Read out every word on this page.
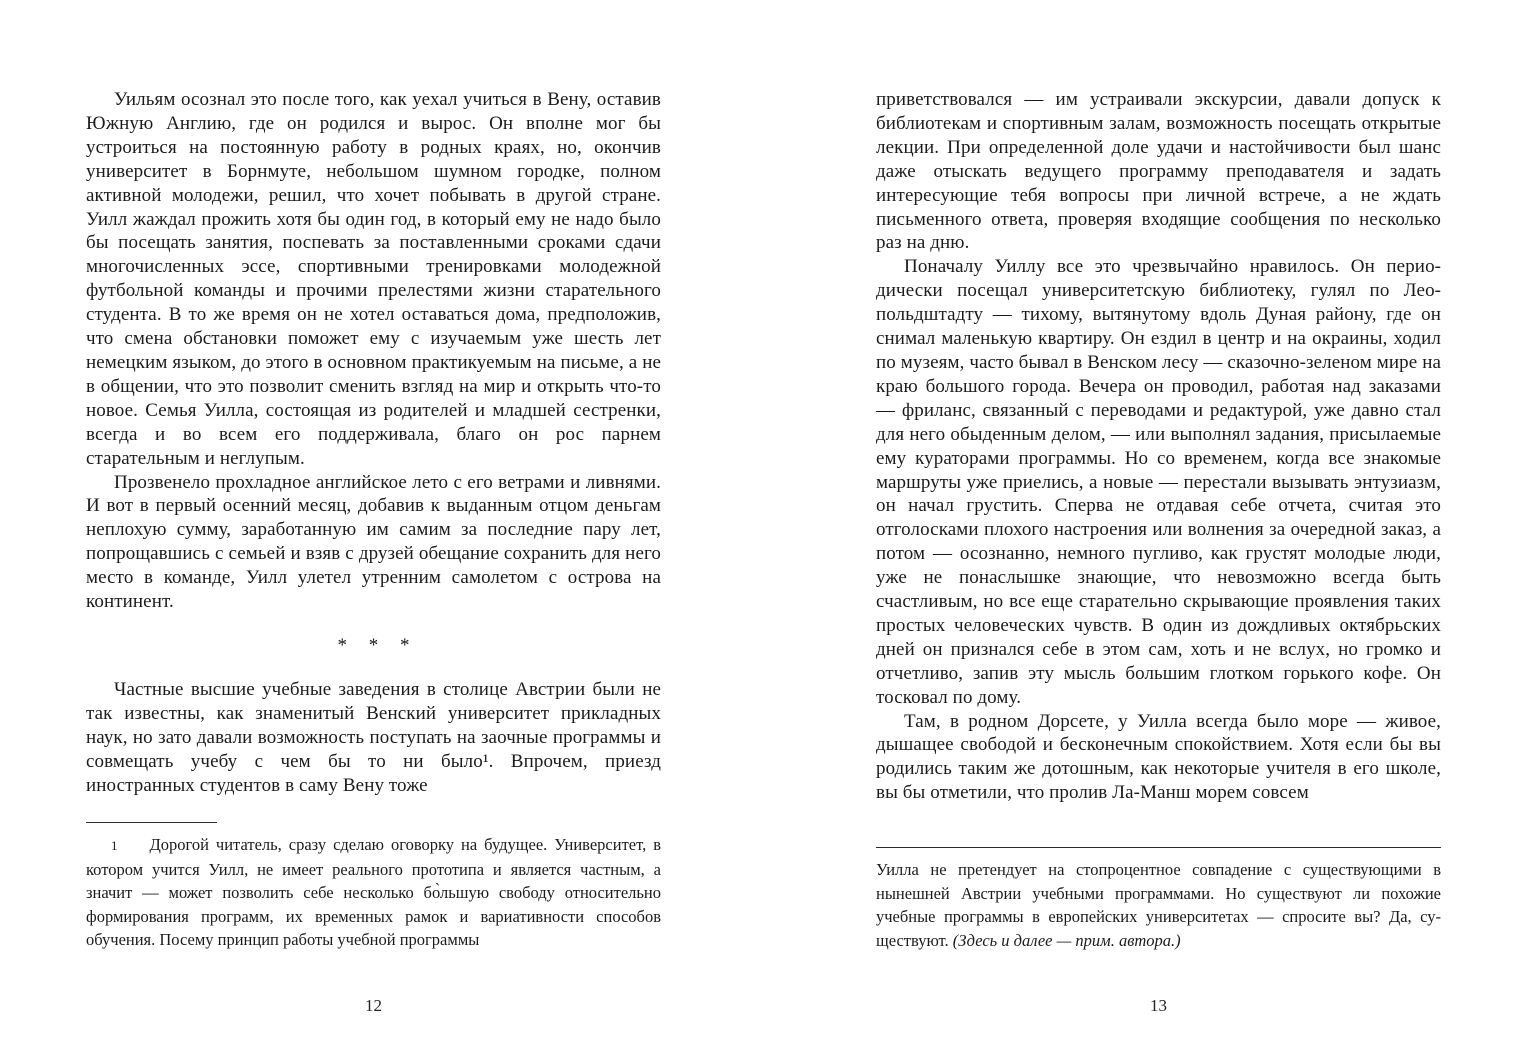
Уильям осознал это после того, как уехал учиться в Вену, оставив Южную Англию, где он родился и вырос. Он вполне мог бы устроиться на постоянную работу в родных краях, но, окончив университет в Борнмуте, небольшом шумном городке, полном активной молодежи, решил, что хочет побывать в другой стране. Уилл жаждал прожить хотя бы один год, в который ему не надо было бы посещать занятия, поспевать за поставленными сроками сдачи многочисленных эссе, спортивными тренировками молодежной футбольной команды и прочими прелестями жизни старательного студента. В то же время он не хотел оставаться дома, предположив, что смена обстановки поможет ему с изучаемым уже шесть лет немецким языком, до этого в основном практикуемым на письме, а не в общении, что это позволит сменить взгляд на мир и открыть что-то новое. Семья Уилла, состоящая из родителей и младшей сестренки, всегда и во всем его поддерживала, благо он рос парнем старательным и неглупым.

Прозвенело прохладное английское лето с его ветрами и ливнями. И вот в первый осенний месяц, добавив к выданным отцом деньгам неплохую сумму, заработанную им самим за последние пару лет, попрощавшись с семьей и взяв с друзей обещание сохранить для него место в команде, Уилл улетел утренним самолетом с острова на континент.

* * *

Частные высшие учебные заведения в столице Австрии были не так известны, как знаменитый Венский университет прикладных наук, но зато давали возможность поступать на заочные программы и совмещать учебу с чем бы то ни было¹. Впрочем, приезд иностранных студентов в саму Вену тоже

1 Дорогой читатель, сразу сделаю оговорку на будущее. Университет, в котором учится Уилл, не имеет реального прототипа и является частным, а значит — может позволить себе несколько бо̀льшую свободу относительно формирования программ, их временных рамок и вариативности способов обучения. Посему принцип работы учебной программы

12

приветствовался — им устраивали экскурсии, давали допуск к библиотекам и спортивным залам, возможность посещать открытые лекции. При определенной доле удачи и настойчивости был шанс даже отыскать ведущего программу преподавателя и задать интересующие тебя вопросы при личной встрече, а не ждать письменного ответа, проверяя входящие сообщения по несколько раз на дню.

Поначалу Уиллу все это чрезвычайно нравилось. Он периодически посещал университетскую библиотеку, гулял по Леопольдштадту — тихому, вытянутому вдоль Дуная району, где он снимал маленькую квартиру. Он ездил в центр и на окраины, ходил по музеям, часто бывал в Венском лесу — сказочно-зеленом мире на краю большого города. Вечера он проводил, работая над заказами — фриланс, связанный с переводами и редактурой, уже давно стал для него обыденным делом, — или выполнял задания, присылаемые ему кураторами программы. Но со временем, когда все знакомые маршруты уже приелись, а новые — перестали вызывать энтузиазм, он начал грустить. Сперва не отдавая себе отчета, считая это отголосками плохого настроения или волнения за очередной заказ, а потом — осознанно, немного пугливо, как грустят молодые люди, уже не понаслышке знающие, что невозможно всегда быть счастливым, но все еще старательно скрывающие проявления таких простых человеческих чувств. В один из дождливых октябрьских дней он признался себе в этом сам, хоть и не вслух, но громко и отчетливо, запив эту мысль большим глотком горького кофе. Он тосковал по дому.

Там, в родном Дорсете, у Уилла всегда было море — живое, дышащее свободой и бесконечным спокойствием. Хотя если бы вы родились таким же дотошным, как некоторые учителя в его школе, вы бы отметили, что пролив Ла-Манш морем совсем

Уилла не претендует на стопроцентное совпадение с существующими в нынешней Австрии учебными программами. Но существуют ли похожие учебные программы в европейских университетах — спросите вы? Да, существуют. (Здесь и далее — прим. автора.)

13
